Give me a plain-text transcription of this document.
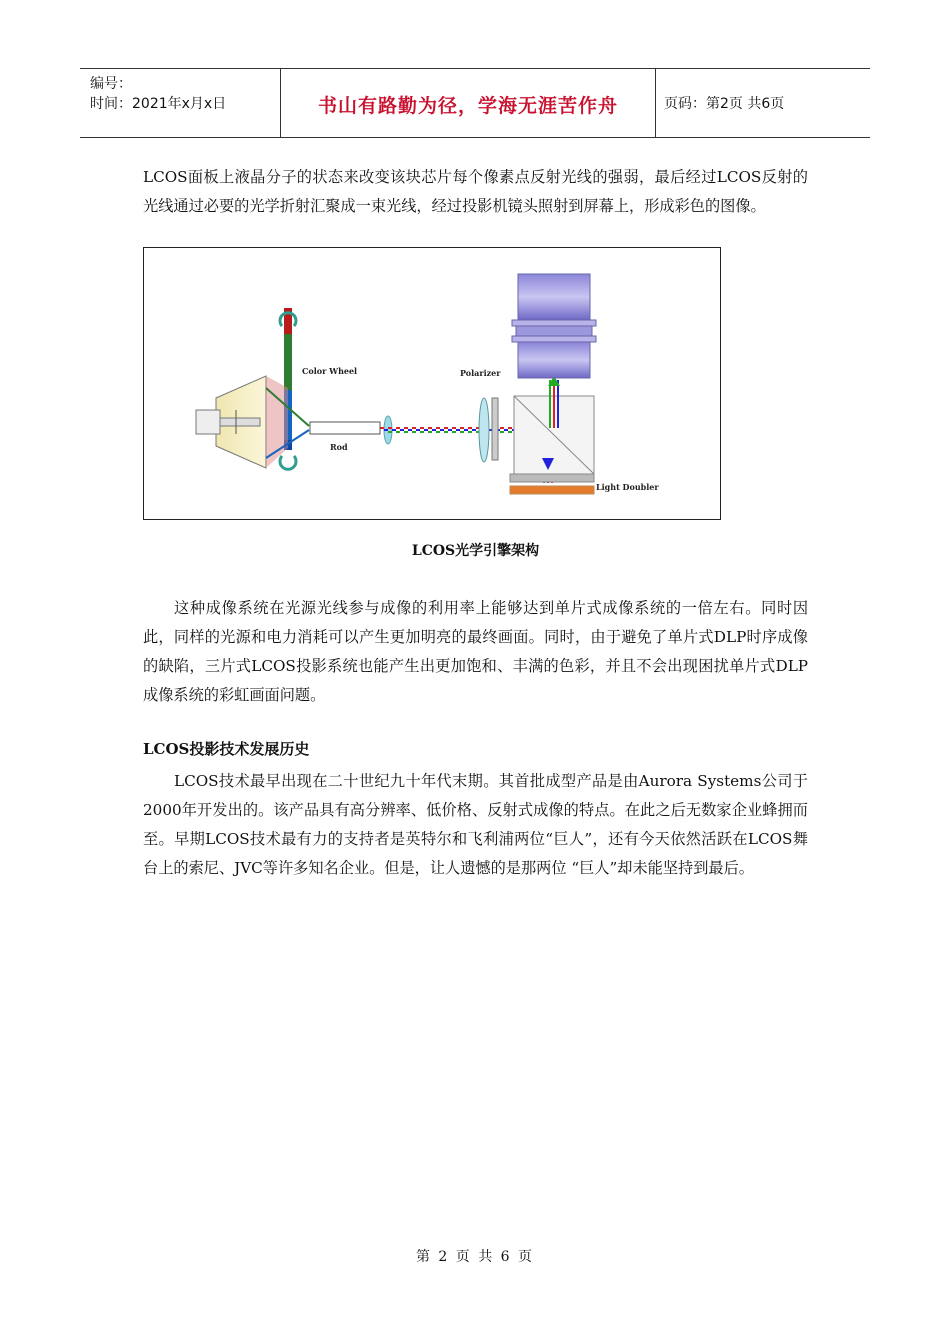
编号：
时间：2021年x月x日	书山有路勤为径，学海无涯苦作舟	页码：第2页 共6页
LCOS面板上液晶分子的状态来改变该块芯片每个像素点反射光线的强弱，最后经过LCOS反射的光线通过必要的光学折射汇聚成一束光线，经过投影机镜头照射到屏幕上，形成彩色的图像。
Color Wheel
Rod
Polarizer
Light Doubler
LCOS光学引擎架构
这种成像系统在光源光线参与成像的利用率上能够达到单片式成像系统的一倍左右。同时因此，同样的光源和电力消耗可以产生更加明亮的最终画面。同时，由于避免了单片式DLP时序成像的缺陷，三片式LCOS投影系统也能产生出更加饱和、丰满的色彩，并且不会出现困扰单片式DLP成像系统的彩虹画面问题。
LCOS投影技术发展历史
LCOS技术最早出现在二十世纪九十年代末期。其首批成型产品是由Aurora Systems公司于2000年开发出的。该产品具有高分辨率、低价格、反射式成像的特点。在此之后无数家企业蜂拥而至。早期LCOS技术最有力的支持者是英特尔和飞利浦两位“巨人”，还有今天依然活跃在LCOS舞台上的索尼、JVC等许多知名企业。但是，让人遗憾的是那两位 “巨人”却未能坚持到最后。
第 2 页 共 6 页
